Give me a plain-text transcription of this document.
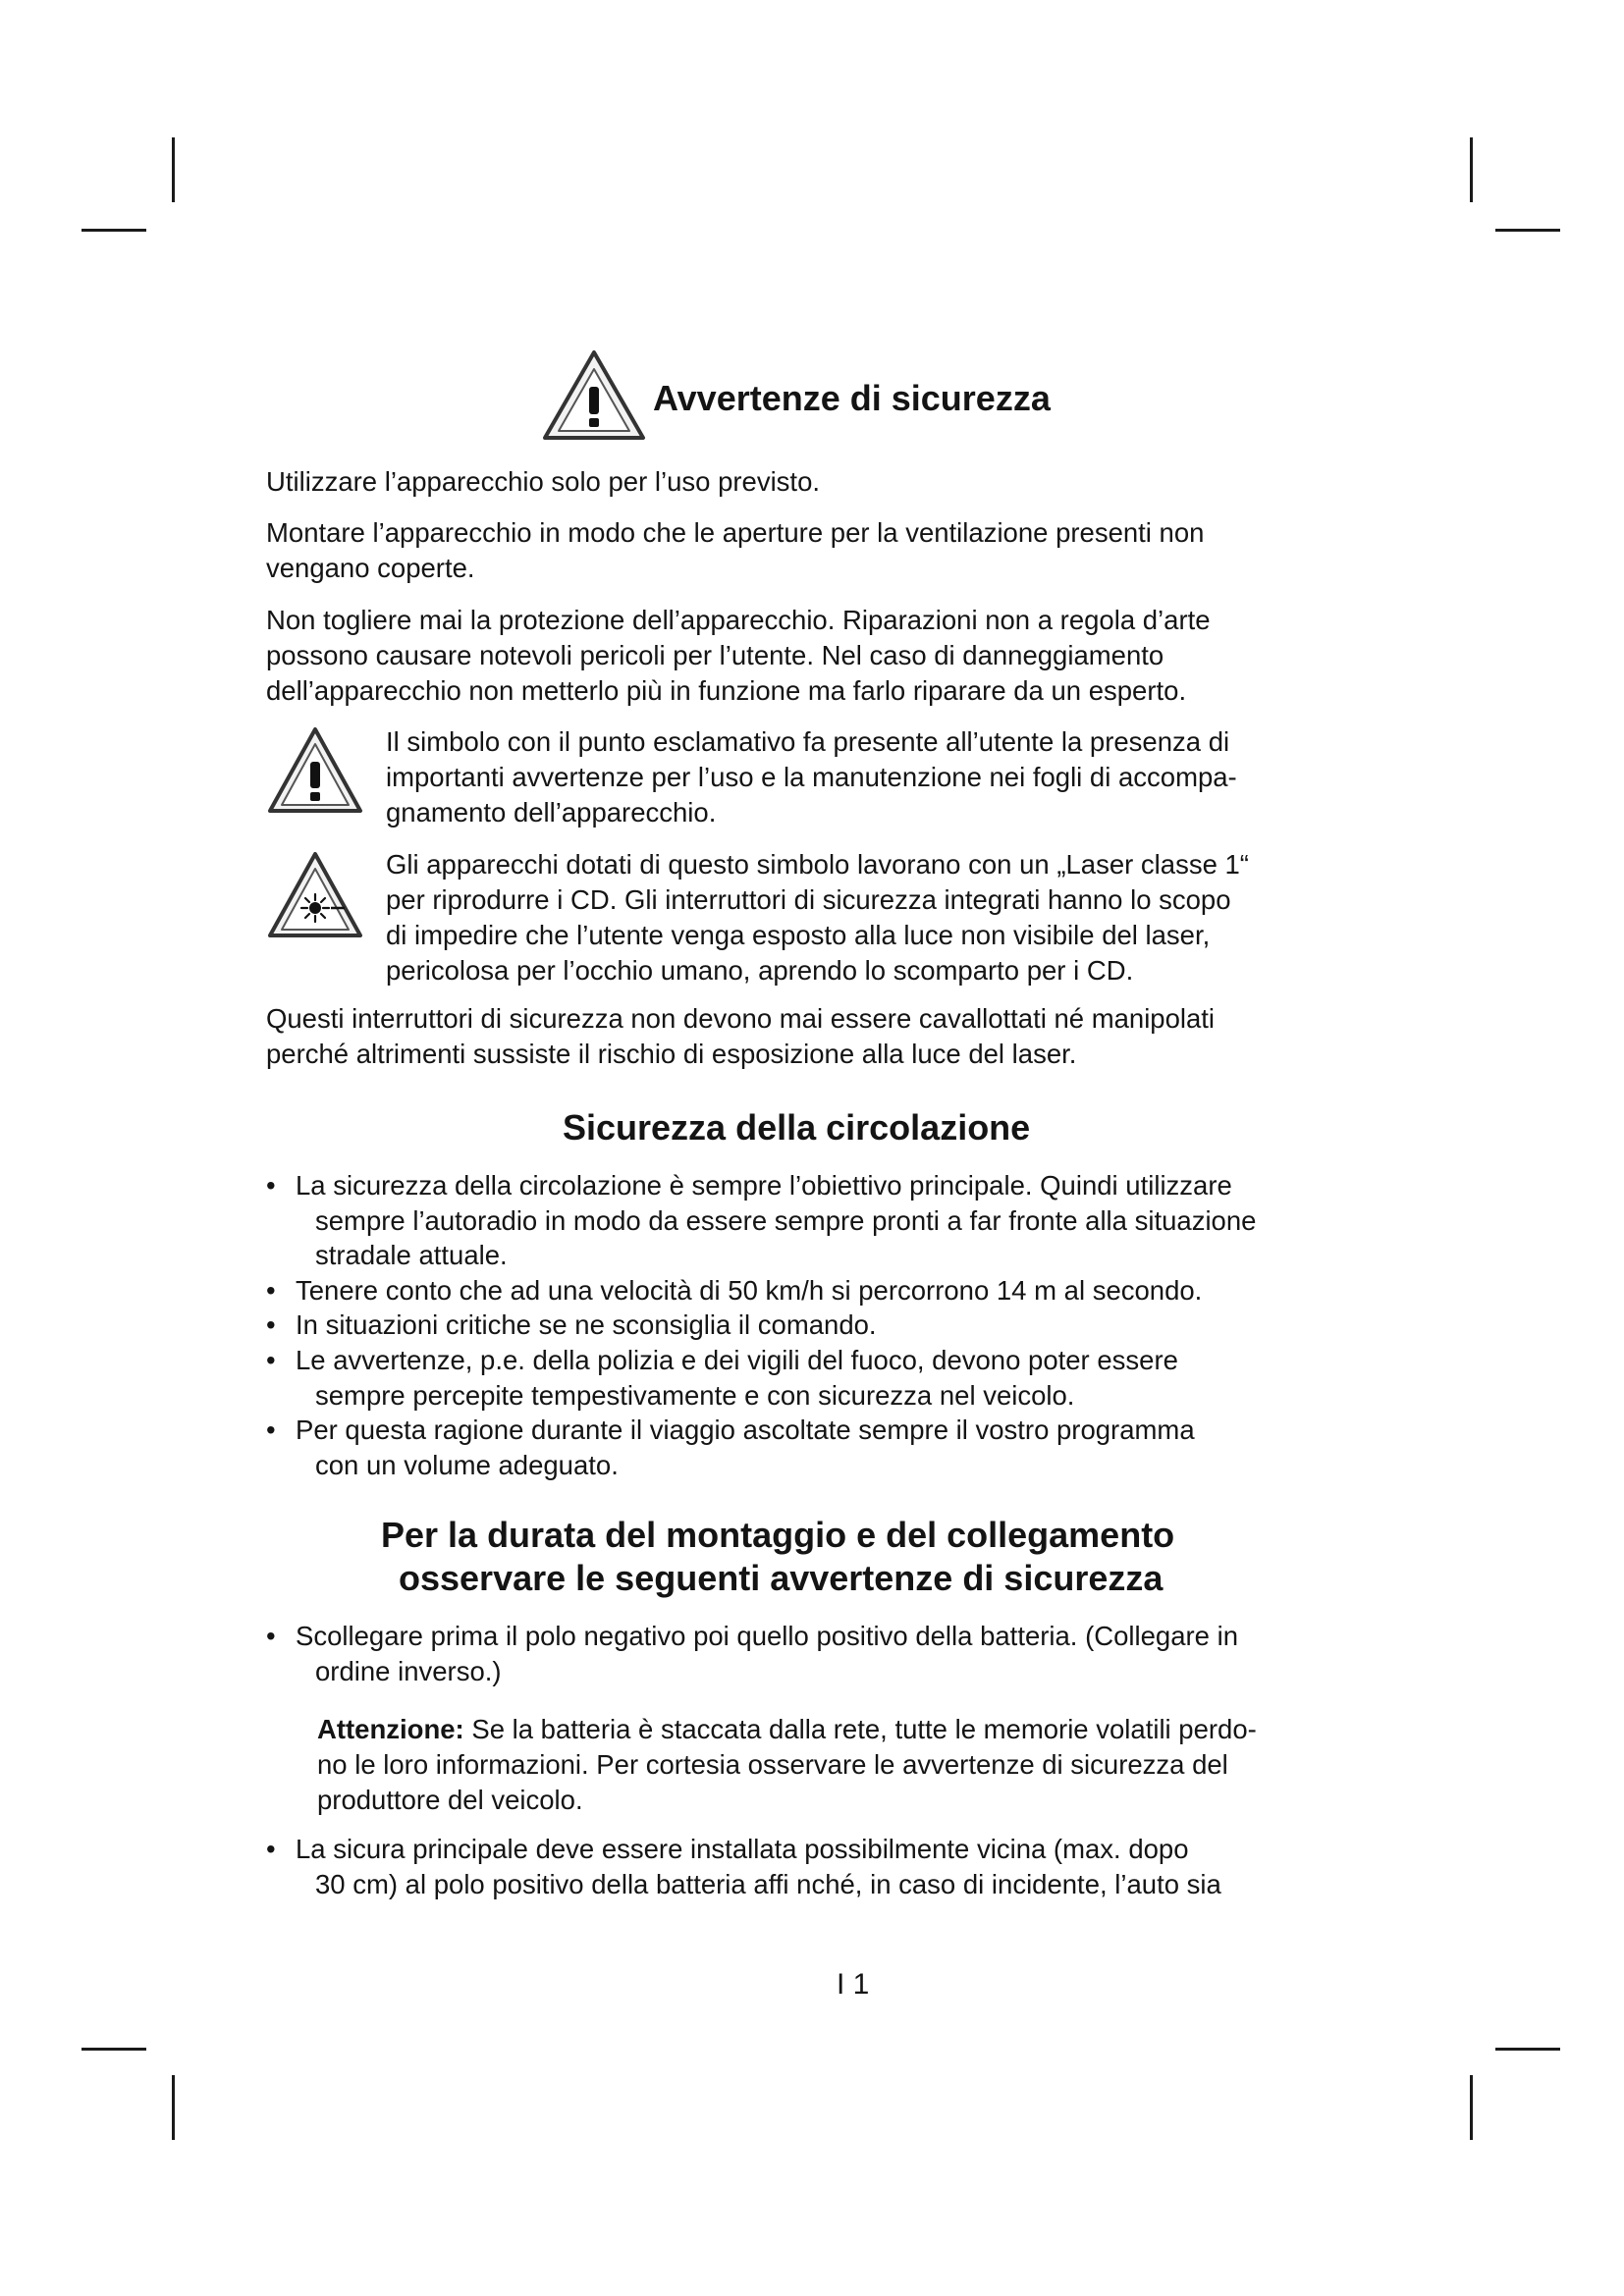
Avvertenze di sicurezza
Utilizzare l’apparecchio solo per l’uso previsto.
Montare l’apparecchio in modo che le aperture per la ventilazione presenti non
vengano coperte.
Non togliere mai la protezione dell’apparecchio. Riparazioni non a regola d’arte
possono causare notevoli pericoli per l’utente. Nel caso di danneggiamento
dell’apparecchio non metterlo più in funzione ma farlo riparare da un esperto.
Il simbolo con il punto esclamativo fa presente all’utente la presenza di
importanti avvertenze per l’uso e la manutenzione nei fogli di accompa-
gnamento dell’apparecchio.
Gli apparecchi dotati di questo simbolo lavorano con un „Laser classe 1“
per riprodurre i CD. Gli interruttori di sicurezza integrati hanno lo scopo
di impedire che l’utente venga esposto alla luce non visibile del laser,
pericolosa per l’occhio umano, aprendo lo scomparto per i CD.
Questi interruttori di sicurezza non devono mai essere cavallottati né manipolati
perché altrimenti sussiste il rischio di esposizione alla luce del laser.
Sicurezza della circolazione
• La sicurezza della circolazione è sempre l’obiettivo principale. Quindi utilizzare
sempre l’autoradio in modo da essere sempre pronti a far fronte alla situazione
stradale attuale.
• Tenere conto che ad una velocità di 50 km/h si percorrono 14 m al secondo.
• In situazioni critiche se ne sconsiglia il comando.
• Le avvertenze, p.e. della polizia e dei vigili del fuoco, devono poter essere
sempre percepite tempestivamente e con sicurezza nel veicolo.
• Per questa ragione durante il viaggio ascoltate sempre il vostro programma
con un volume adeguato.
Per la durata del montaggio e del collegamento
osservare le seguenti avvertenze di sicurezza
• Scollegare prima il polo negativo poi quello positivo della batteria. (Collegare in
ordine inverso.)
Attenzione: Se la batteria è staccata dalla rete, tutte le memorie volatili perdo-
no le loro informazioni. Per cortesia osservare le avvertenze di sicurezza del
produttore del veicolo.
• La sicura principale deve essere installata possibilmente vicina (max. dopo
30 cm) al polo positivo della batteria affi nché, in caso di incidente, l’auto sia
I 1
